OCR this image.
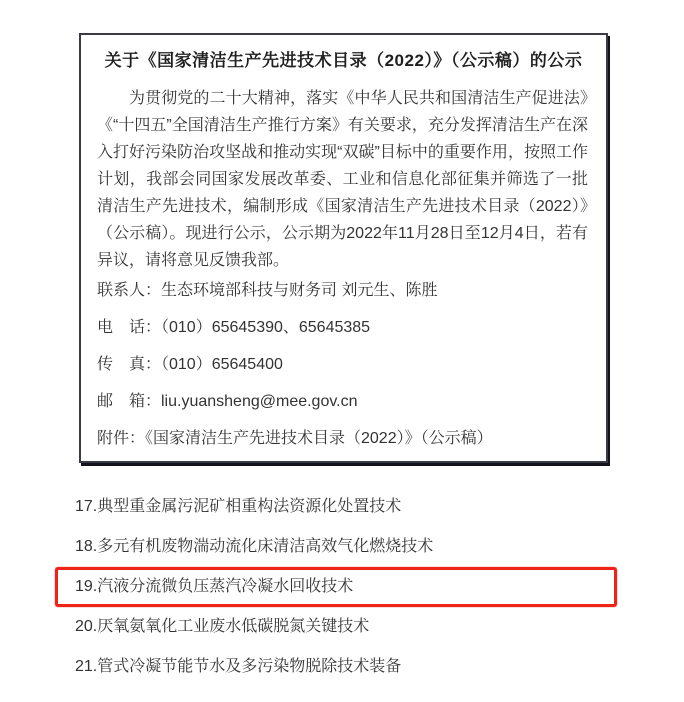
关于《国家清洁生产先进技术目录（2022）》（公示稿）的公示

为贯彻党的二十大精神，落实《中华人民共和国清洁生产促进法》《“十四五”全国清洁生产推行方案》有关要求，充分发挥清洁生产在深入打好污染防治攻坚战和推动实现“双碳”目标中的重要作用，按照工作计划，我部会同国家发展改革委、工业和信息化部征集并筛选了一批清洁生产先进技术，编制形成《国家清洁生产先进技术目录（2022）》（公示稿）。现进行公示，公示期为2022年11月28日至12月4日，若有异议，请将意见反馈我部。

联系人：生态环境部科技与财务司 刘元生、陈胜

电　话：（010）65645390、65645385

传　真：（010）65645400

邮　箱：liu.yuansheng@mee.gov.cn

附件：《国家清洁生产先进技术目录（2022）》（公示稿）

17.典型重金属污泥矿相重构法资源化处置技术
18.多元有机废物湍动流化床清洁高效气化燃烧技术
19.汽液分流微负压蒸汽冷凝水回收技术
20.厌氧氨氧化工业废水低碳脱氮关键技术
21.管式冷凝节能节水及多污染物脱除技术装备
